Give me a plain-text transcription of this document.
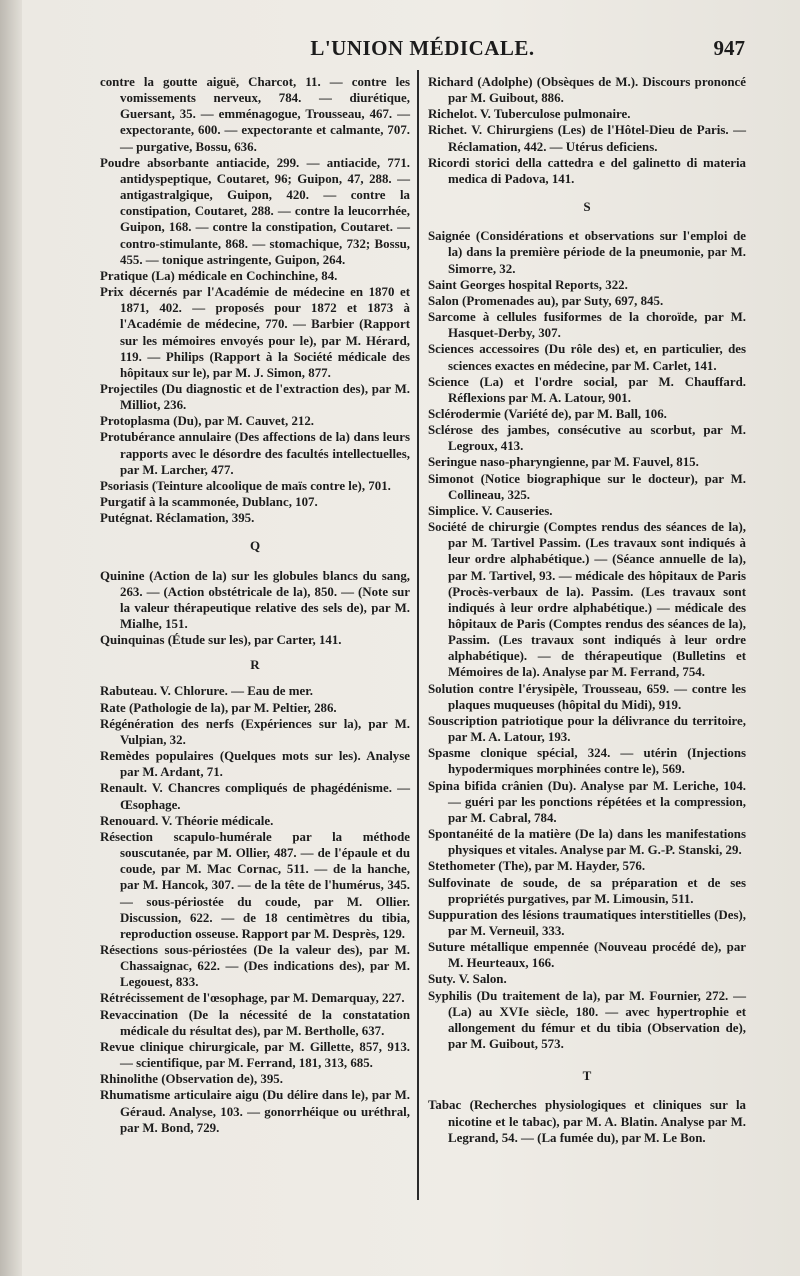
L'UNION MÉDICALE.	947

contre la goutte aiguë, Charcot, 11. — contre les vomissements nerveux, 784. — diurétique, Guersant, 35. — emménagogue, Trousseau, 467. — expectorante, 600. — expectorante et calmante, 707. — purgative, Bossu, 636.

Poudre absorbante antiacide, 299. — antiacide, 771. antidyspeptique, Coutaret, 96; Guipon, 47, 288. — antigastralgique, Guipon, 420. — contre la constipation, Coutaret, 288. — contre la leucorrhée, Guipon, 168. — contre la constipation, Coutaret. — contro-stimulante, 868. — stomachique, 732; Bossu, 455. — tonique astringente, Guipon, 264.

Pratique (La) médicale en Cochinchine, 84.

Prix décernés par l'Académie de médecine en 1870 et 1871, 402. — proposés pour 1872 et 1873 à l'Académie de médecine, 770. — Barbier (Rapport sur les mémoires envoyés pour le), par M. Hérard, 119. — Philips (Rapport à la Société médicale des hôpitaux sur le), par M. J. Simon, 877.

Projectiles (Du diagnostic et de l'extraction des), par M. Milliot, 236.

Protoplasma (Du), par M. Cauvet, 212.

Protubérance annulaire (Des affections de la) dans leurs rapports avec le désordre des facultés intellectuelles, par M. Larcher, 477.

Psoriasis (Teinture alcoolique de maïs contre le), 701.

Purgatif à la scammonée, Dublanc, 107.

Putégnat. Réclamation, 395.

Q

Quinine (Action de la) sur les globules blancs du sang, 263. — (Action obstétricale de la), 850. — (Note sur la valeur thérapeutique relative des sels de), par M. Mialhe, 151.

Quinquinas (Étude sur les), par Carter, 141.

R

Rabuteau. V. Chlorure. — Eau de mer.

Rate (Pathologie de la), par M. Peltier, 286.

Régénération des nerfs (Expériences sur la), par M. Vulpian, 32.

Remèdes populaires (Quelques mots sur les). Analyse par M. Ardant, 71.

Renault. V. Chancres compliqués de phagédénisme. — Œsophage.

Renouard. V. Théorie médicale.

Résection scapulo-humérale par la méthode souscutanée, par M. Ollier, 487. — de l'épaule et du coude, par M. Mac Cornac, 511. — de la hanche, par M. Hancok, 307. — de la tête de l'humérus, 345. — sous-périostée du coude, par M. Ollier. Discussion, 622. — de 18 centimètres du tibia, reproduction osseuse. Rapport par M. Desprès, 129.

Résections sous-périostées (De la valeur des), par M. Chassaignac, 622. — (Des indications des), par M. Legouest, 833.

Rétrécissement de l'œsophage, par M. Demarquay, 227.

Revaccination (De la nécessité de la constatation médicale du résultat des), par M. Bertholle, 637.

Revue clinique chirurgicale, par M. Gillette, 857, 913. — scientifique, par M. Ferrand, 181, 313, 685.

Rhinolithe (Observation de), 395.

Rhumatisme articulaire aigu (Du délire dans le), par M. Géraud. Analyse, 103. — gonorrhéique ou uréthral, par M. Bond, 729.

Richard (Adolphe) (Obsèques de M.). Discours prononcé par M. Guibout, 886.

Richelot. V. Tuberculose pulmonaire.

Richet. V. Chirurgiens (Les) de l'Hôtel-Dieu de Paris. — Réclamation, 442. — Utérus deficiens.

Ricordi storici della cattedra e del galinetto di materia medica di Padova, 141.

S

Saignée (Considérations et observations sur l'emploi de la) dans la première période de la pneumonie, par M. Simorre, 32.

Saint Georges hospital Reports, 322.

Salon (Promenades au), par Suty, 697, 845.

Sarcome à cellules fusiformes de la choroïde, par M. Hasquet-Derby, 307.

Sciences accessoires (Du rôle des) et, en particulier, des sciences exactes en médecine, par M. Carlet, 141.

Science (La) et l'ordre social, par M. Chauffard. Réflexions par M. A. Latour, 901.

Sclérodermie (Variété de), par M. Ball, 106.

Sclérose des jambes, consécutive au scorbut, par M. Legroux, 413.

Seringue naso-pharyngienne, par M. Fauvel, 815.

Simonot (Notice biographique sur le docteur), par M. Collineau, 325.

Simplice. V. Causeries.

Société de chirurgie (Comptes rendus des séances de la), par M. Tartivel Passim. (Les travaux sont indiqués à leur ordre alphabétique.) — (Séance annuelle de la), par M. Tartivel, 93. — médicale des hôpitaux de Paris (Procès-verbaux de la). Passim. (Les travaux sont indiqués à leur ordre alphabétique.) — médicale des hôpitaux de Paris (Comptes rendus des séances de la), Passim. (Les travaux sont indiqués à leur ordre alphabétique). — de thérapeutique (Bulletins et Mémoires de la). Analyse par M. Ferrand, 754.

Solution contre l'érysipèle, Trousseau, 659. — contre les plaques muqueuses (hôpital du Midi), 919.

Souscription patriotique pour la délivrance du territoire, par M. A. Latour, 193.

Spasme clonique spécial, 324. — utérin (Injections hypodermiques morphinées contre le), 569.

Spina bifida crânien (Du). Analyse par M. Leriche, 104. — guéri par les ponctions répétées et la compression, par M. Cabral, 784.

Spontanéité de la matière (De la) dans les manifestations physiques et vitales. Analyse par M. G.-P. Stanski, 29.

Stethometer (The), par M. Hayder, 576.

Sulfovinate de soude, de sa préparation et de ses propriétés purgatives, par M. Limousin, 511.

Suppuration des lésions traumatiques interstitielles (Des), par M. Verneuil, 333.

Suture métallique empennée (Nouveau procédé de), par M. Heurteaux, 166.

Suty. V. Salon.

Syphilis (Du traitement de la), par M. Fournier, 272. — (La) au XVIe siècle, 180. — avec hypertrophie et allongement du fémur et du tibia (Observation de), par M. Guibout, 573.

T

Tabac (Recherches physiologiques et cliniques sur la nicotine et le tabac), par M. A. Blatin. Analyse par M. Legrand, 54. — (La fumée du), par M. Le Bon.
